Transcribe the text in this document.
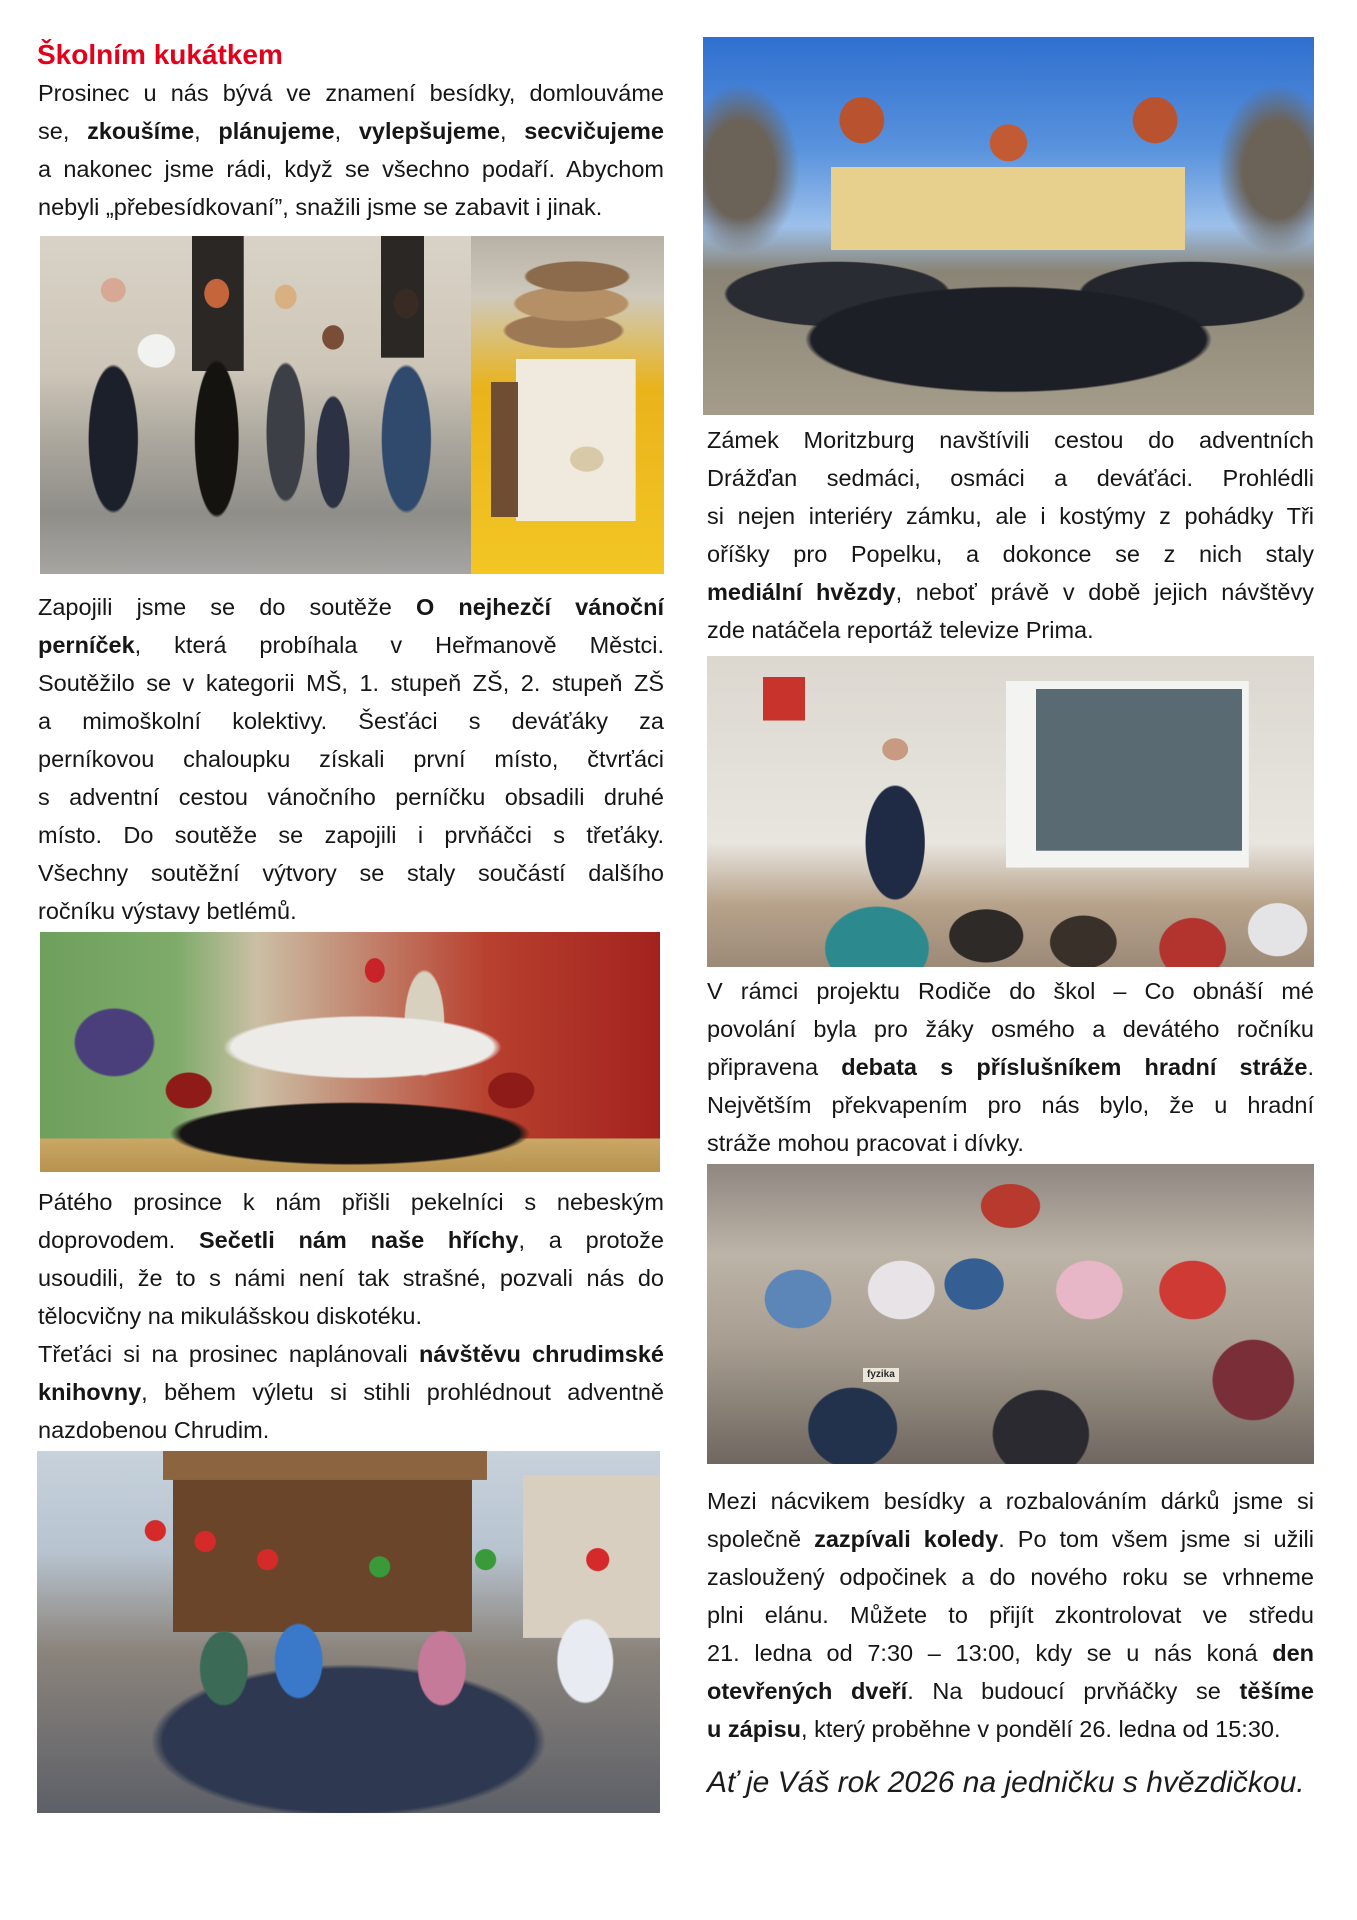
Školním kukátkem
Prosinec u nás bývá ve znamení besídky, domlouváme
se, zkoušíme, plánujeme, vylepšujeme, secvičujeme
a nakonec jsme rádi, když se všechno podaří. Abychom
nebyli „přebesídkovaní”, snažili jsme se zabavit i jinak.
Zapojili jsme se do soutěže O nejhezčí vánoční
perníček, která probíhala v Heřmanově Městci.
Soutěžilo se v kategorii MŠ, 1. stupeň ZŠ, 2. stupeň ZŠ
a mimoškolní kolektivy. Šesťáci s deváťáky za
perníkovou chaloupku získali první místo, čtvrťáci
s adventní cestou vánočního perníčku obsadili druhé
místo. Do soutěže se zapojili i prvňáčci s třeťáky.
Všechny soutěžní výtvory se staly součástí dalšího
ročníku výstavy betlémů.
Pátého prosince k nám přišli pekelníci s nebeským
doprovodem. Sečetli nám naše hříchy, a protože
usoudili, že to s námi není tak strašné, pozvali nás do
tělocvičny na mikulášskou diskotéku.
Třeťáci si na prosinec naplánovali návštěvu chrudimské
knihovny, během výletu si stihli prohlédnout adventně
nazdobenou Chrudim.
Zámek Moritzburg navštívili cestou do adventních
Drážďan sedmáci, osmáci a deváťáci. Prohlédli
si nejen interiéry zámku, ale i kostýmy z pohádky Tři
oříšky pro Popelku, a dokonce se z nich staly
mediální hvězdy, neboť právě v době jejich návštěvy
zde natáčela reportáž televize Prima.
V rámci projektu Rodiče do škol – Co obnáší mé
povolání byla pro žáky osmého a devátého ročníku
připravena debata s příslušníkem hradní stráže.
Největším překvapením pro nás bylo, že u hradní
stráže mohou pracovat i dívky.
fyzika
Mezi nácvikem besídky a rozbalováním dárků jsme si
společně zazpívali koledy. Po tom všem jsme si užili
zasloužený odpočinek a do nového roku se vrhneme
plni elánu. Můžete to přijít zkontrolovat ve středu
21. ledna od 7:30 – 13:00, kdy se u nás koná den
otevřených dveří. Na budoucí prvňáčky se těšíme
u zápisu, který proběhne v pondělí 26. ledna od 15:30.
Ať je Váš rok 2026 na jedničku s hvězdičkou.
